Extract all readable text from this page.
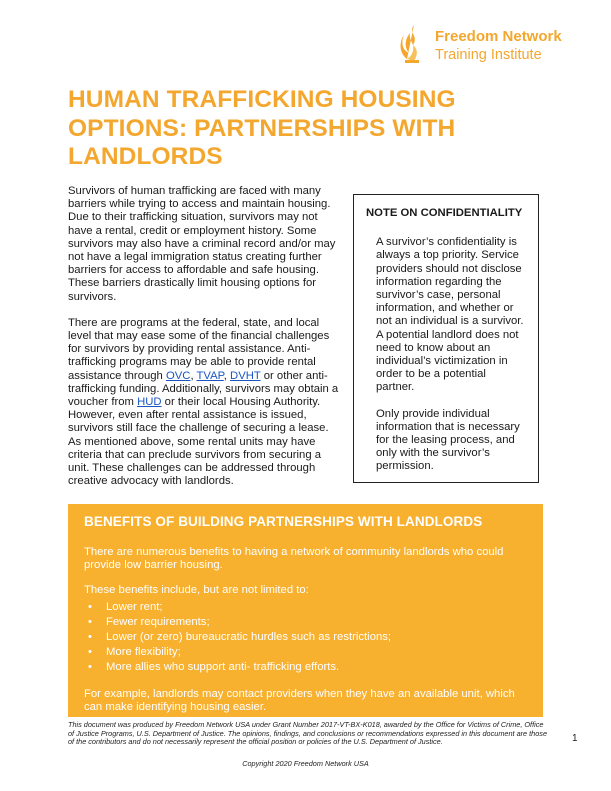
Freedom Network
Training Institute
HUMAN TRAFFICKING HOUSING OPTIONS: PARTNERSHIPS WITH LANDLORDS

Survivors of human trafficking are faced with many barriers while trying to access and maintain housing. Due to their trafficking situation, survivors may not have a rental, credit or employment history. Some survivors may also have a criminal record and/or may not have a legal immigration status creating further barriers for access to affordable and safe housing. These barriers drastically limit housing options for survivors.

There are programs at the federal, state, and local level that may ease some of the financial challenges for survivors by providing rental assistance. Anti-trafficking programs may be able to provide rental assistance through OVC, TVAP, DVHT or other anti-trafficking funding. Additionally, survivors may obtain a voucher from HUD or their local Housing Authority. However, even after rental assistance is issued, survivors still face the challenge of securing a lease. As mentioned above, some rental units may have criteria that can preclude survivors from securing a unit. These challenges can be addressed through creative advocacy with landlords.

NOTE ON CONFIDENTIALITY

A survivor’s confidentiality is always a top priority. Service providers should not disclose information regarding the survivor’s case, personal information, and whether or not an individual is a survivor. A potential landlord does not need to know about an individual’s victimization in order to be a potential partner.

Only provide individual information that is necessary for the leasing process, and only with the survivor’s permission.

BENEFITS OF BUILDING PARTNERSHIPS WITH LANDLORDS

There are numerous benefits to having a network of community landlords who could provide low barrier housing.

These benefits include, but are not limited to:

• Lower rent;
• Fewer requirements;
• Lower (or zero) bureaucratic hurdles such as restrictions;
• More flexibility;
• More allies who support anti- trafficking efforts.

For example, landlords may contact providers when they have an available unit, which can make identifying housing easier.

This document was produced by Freedom Network USA under Grant Number 2017-VT-BX-K018, awarded by the Office for Victims of Crime, Office of Justice Programs, U.S. Department of Justice. The opinions, findings, and conclusions or recommendations expressed in this document are those of the contributors and do not necessarily represent the official position or policies of the U.S. Department of Justice.	1
Copyright 2020 Freedom Network USA
